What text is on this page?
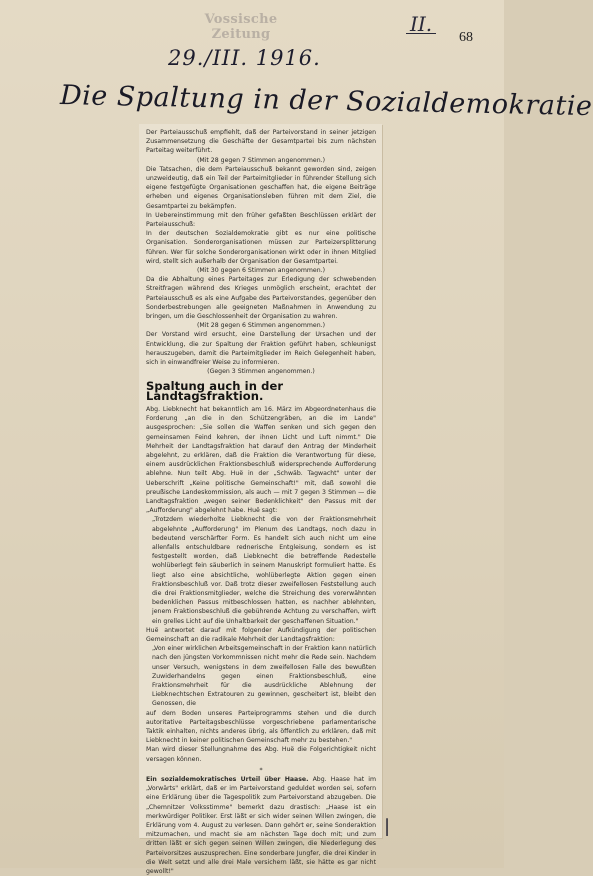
Vossische Zeitung	II.
68
29./III. 1916.
Die Spaltung in der Sozialdemokratie

Der Parteiausschuß empfiehlt, daß der Parteivorstand in seiner jetzigen Zusammensetzung die Geschäfte der Gesamtpartei bis zum nächsten Parteitag weiterführt.

(Mit 28 gegen 7 Stimmen angenommen.)

Die Tatsachen, die dem Parteiausschuß bekannt geworden sind, zeigen unzweideutig, daß ein Teil der Parteimitglieder in führender Stellung sich eigene festgefügte Organisationen geschaffen hat, die eigene Beiträge erheben und eigenes Organisationsleben führen mit dem Ziel, die Gesamtpartei zu bekämpfen.

In Uebereinstimmung mit den früher gefaßten Beschlüssen erklärt der Parteiausschuß:

In der deutschen Sozialdemokratie gibt es nur eine politische Organisation. Sonderorganisationen müssen zur Parteizersplitterung führen. Wer für solche Sonderorganisationen wirkt oder in ihnen Mitglied wird, stellt sich außerhalb der Organisation der Gesamtpartei.

(Mit 30 gegen 6 Stimmen angenommen.)

Da die Abhaltung eines Parteitages zur Erledigung der schwebenden Streitfragen während des Krieges unmöglich erscheint, erachtet der Parteiausschuß es als eine Aufgabe des Parteivorstandes, gegenüber den Sonderbestrebungen alle geeigneten Maßnahmen in Anwendung zu bringen, um die Geschlossenheit der Organisation zu wahren.

(Mit 28 gegen 6 Stimmen angenommen.)

Der Vorstand wird ersucht, eine Darstellung der Ursachen und der Entwicklung, die zur Spaltung der Fraktion geführt haben, schleunigst herauszugeben, damit die Parteimitglieder im Reich Gelegenheit haben, sich in einwandfreier Weise zu informieren.

(Gegen 3 Stimmen angenommen.)

Spaltung auch in der Landtagsfraktion.

Abg. Liebknecht hat bekanntlich am 16. März im Abgeordnetenhaus die Forderung „an die in den Schützengräben, an die im Lande" ausgesprochen: „Sie sollen die Waffen senken und sich gegen den gemeinsamen Feind kehren, der ihnen Licht und Luft nimmt." Die Mehrheit der Landtagsfraktion hat darauf den Antrag der Minderheit abgelehnt, zu erklären, daß die Fraktion die Verantwortung für diese, einem ausdrücklichen Fraktionsbeschluß widersprechende Aufforderung ablehne. Nun teilt Abg. Huë in der „Schwäb. Tagwacht" unter der Ueberschrift „Keine politische Gemeinschaft!" mit, daß sowohl die preußische Landeskommission, als auch — mit 7 gegen 3 Stimmen — die Landtagsfraktion „wegen seiner Bedenklichkeit" den Passus mit der „Aufforderung" abgelehnt habe. Huë sagt:

„Trotzdem wiederholte Liebknecht die von der Fraktionsmehrheit abgelehnte „Aufforderung" im Plenum des Landtags, noch dazu in bedeutend verschärfter Form. Es handelt sich auch nicht um eine allenfalls entschuldbare rednerische Entgleisung, sondern es ist festgestellt worden, daß Liebknecht die betreffende Redestelle wohlüberlegt fein säuberlich in seinem Manuskript formuliert hatte. Es liegt also eine absichtliche, wohlüberlegte Aktion gegen einen Fraktionsbeschluß vor. Daß trotz dieser zweifellosen Feststellung auch die drei Fraktionsmitglieder, welche die Streichung des vorerwähnten bedenklichen Passus mitbeschlossen hatten, es nachher ablehnten, jenem Fraktionsbeschluß die gebührende Achtung zu verschaffen, wirft ein grelles Licht auf die Unhaltbarkeit der geschaffenen Situation."

Huë antwortet darauf mit folgender Aufkündigung der politischen Gemeinschaft an die radikale Mehrheit der Landtagsfraktion:

„Von einer wirklichen Arbeitsgemeinschaft in der Fraktion kann natürlich nach den jüngsten Vorkommnissen nicht mehr die Rede sein. Nachdem unser Versuch, wenigstens in dem zweifellosen Falle des bewußten Zuwiderhandelns gegen einen Fraktionsbeschluß, eine Fraktionsmehrheit für die ausdrückliche Ablehnung der Liebknechtschen Extratouren zu gewinnen, gescheitert ist, bleibt den Genossen, die

auf dem Boden unseres Parteiprogramms stehen und die durch autoritative Parteitagsbeschlüsse vorgeschriebene parlamentarische Taktik einhalten, nichts anderes übrig, als öffentlich zu erklären, daß mit Liebknecht in keiner politischen Gemeinschaft mehr zu bestehen."

Man wird dieser Stellungnahme des Abg. Huë die Folgerichtigkeit nicht versagen können.

*

Ein sozialdemokratisches Urteil über Haase. Abg. Haase hat im „Vorwärts" erklärt, daß er im Parteivorstand geduldet worden sei, sofern eine Erklärung über die Tagespolitik zum Parteivorstand abzugeben. Die „Chemnitzer Volksstimme" bemerkt dazu drastisch: „Haase ist ein merkwürdiger Politiker. Erst läßt er sich wider seinen Willen zwingen, die Erklärung vom 4. August zu verlesen. Dann gehört er, seine Sonderaktion mitzumachen, und macht sie am nächsten Tage doch mit; und zum dritten läßt er sich gegen seinen Willen zwingen, die Niederlegung des Parteivorsitzes auszusprechen. Eine sonderbare Jungfer, die drei Kinder in die Welt setzt und alle drei Male versichern läßt, sie hätte es gar nicht gewollt!"

|
